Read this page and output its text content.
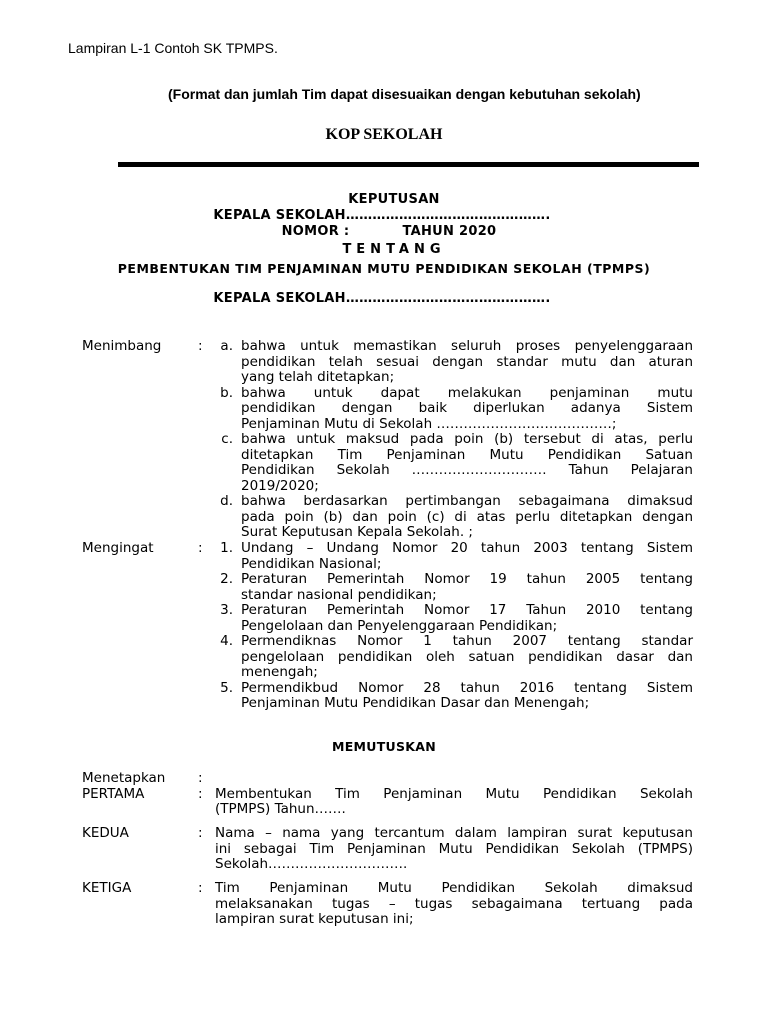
Lampiran L-1 Contoh SK TPMPS.
(Format dan jumlah Tim dapat disesuaikan dengan kebutuhan sekolah)
KOP SEKOLAH
KEPUTUSAN
KEPALA SEKOLAH……………………………………….
NOMOR :           TAHUN 2020
TENTANG
PEMBENTUKAN TIM PENJAMINAN MUTU PENDIDIKAN SEKOLAH (TPMPS)
KEPALA SEKOLAH……………………………………….
Menimbang	:	a. bahwa untuk memastikan seluruh proses penyelenggaraan
pendidikan telah sesuai dengan standar mutu dan aturan
yang telah ditetapkan;
b. bahwa untuk dapat melakukan penjaminan mutu
pendidikan dengan baik diperlukan adanya Sistem
Penjaminan Mutu di Sekolah …………………………………;
c. bahwa untuk maksud pada poin (b) tersebut di atas, perlu
ditetapkan Tim Penjaminan Mutu Pendidikan Satuan
Pendidikan Sekolah ………………………… Tahun Pelajaran
2019/2020;
d. bahwa berdasarkan pertimbangan sebagaimana dimaksud
pada poin (b) dan poin (c) di atas perlu ditetapkan dengan
Surat Keputusan Kepala Sekolah. ;
Mengingat	:	1. Undang – Undang Nomor 20 tahun 2003 tentang Sistem
Pendidikan Nasional;
2. Peraturan Pemerintah Nomor 19 tahun 2005 tentang
standar nasional pendidikan;
3. Peraturan Pemerintah Nomor 17 Tahun 2010 tentang
Pengelolaan dan Penyelenggaraan Pendidikan;
4. Permendiknas Nomor 1 tahun 2007 tentang standar
pengelolaan pendidikan oleh satuan pendidikan dasar dan
menengah;
5. Permendikbud Nomor 28 tahun 2016 tentang Sistem
Penjaminan Mutu Pendidikan Dasar dan Menengah;
MEMUTUSKAN
Menetapkan :
PERTAMA	: Membentukan Tim Penjaminan Mutu Pendidikan Sekolah
(TPMPS) Tahun…….
KEDUA	: Nama – nama yang tercantum dalam lampiran surat keputusan
ini sebagai Tim Penjaminan Mutu Pendidikan Sekolah (TPMPS)
Sekolah………………………….
KETIGA	: Tim Penjaminan Mutu Pendidikan Sekolah dimaksud
melaksanakan tugas – tugas sebagaimana tertuang pada
lampiran surat keputusan ini;
